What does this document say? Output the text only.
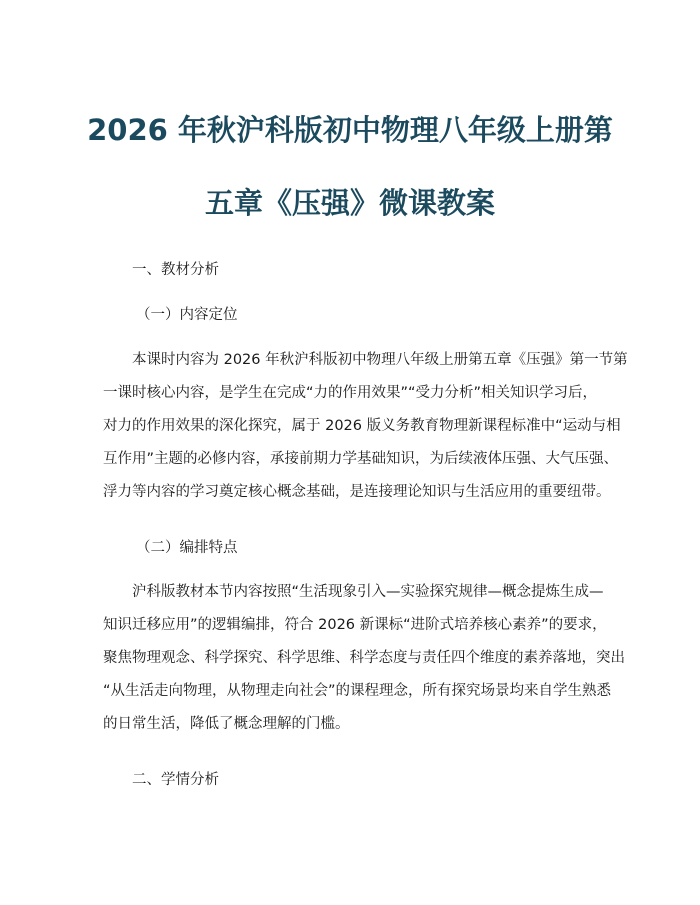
2026 年秋沪科版初中物理八年级上册第
五章《压强》微课教案
一、教材分析
（一）内容定位
本课时内容为 2026 年秋沪科版初中物理八年级上册第五章《压强》第一节第
一课时核心内容，是学生在完成“力的作用效果”“受力分析”相关知识学习后，
对力的作用效果的深化探究，属于 2026 版义务教育物理新课程标准中“运动与相
互作用”主题的必修内容，承接前期力学基础知识，为后续液体压强、大气压强、
浮力等内容的学习奠定核心概念基础，是连接理论知识与生活应用的重要纽带。
（二）编排特点
沪科版教材本节内容按照“生活现象引入—实验探究规律—概念提炼生成—
知识迁移应用”的逻辑编排，符合 2026 新课标“进阶式培养核心素养”的要求，
聚焦物理观念、科学探究、科学思维、科学态度与责任四个维度的素养落地，突出
“从生活走向物理，从物理走向社会”的课程理念，所有探究场景均来自学生熟悉
的日常生活，降低了概念理解的门槛。
二、学情分析
